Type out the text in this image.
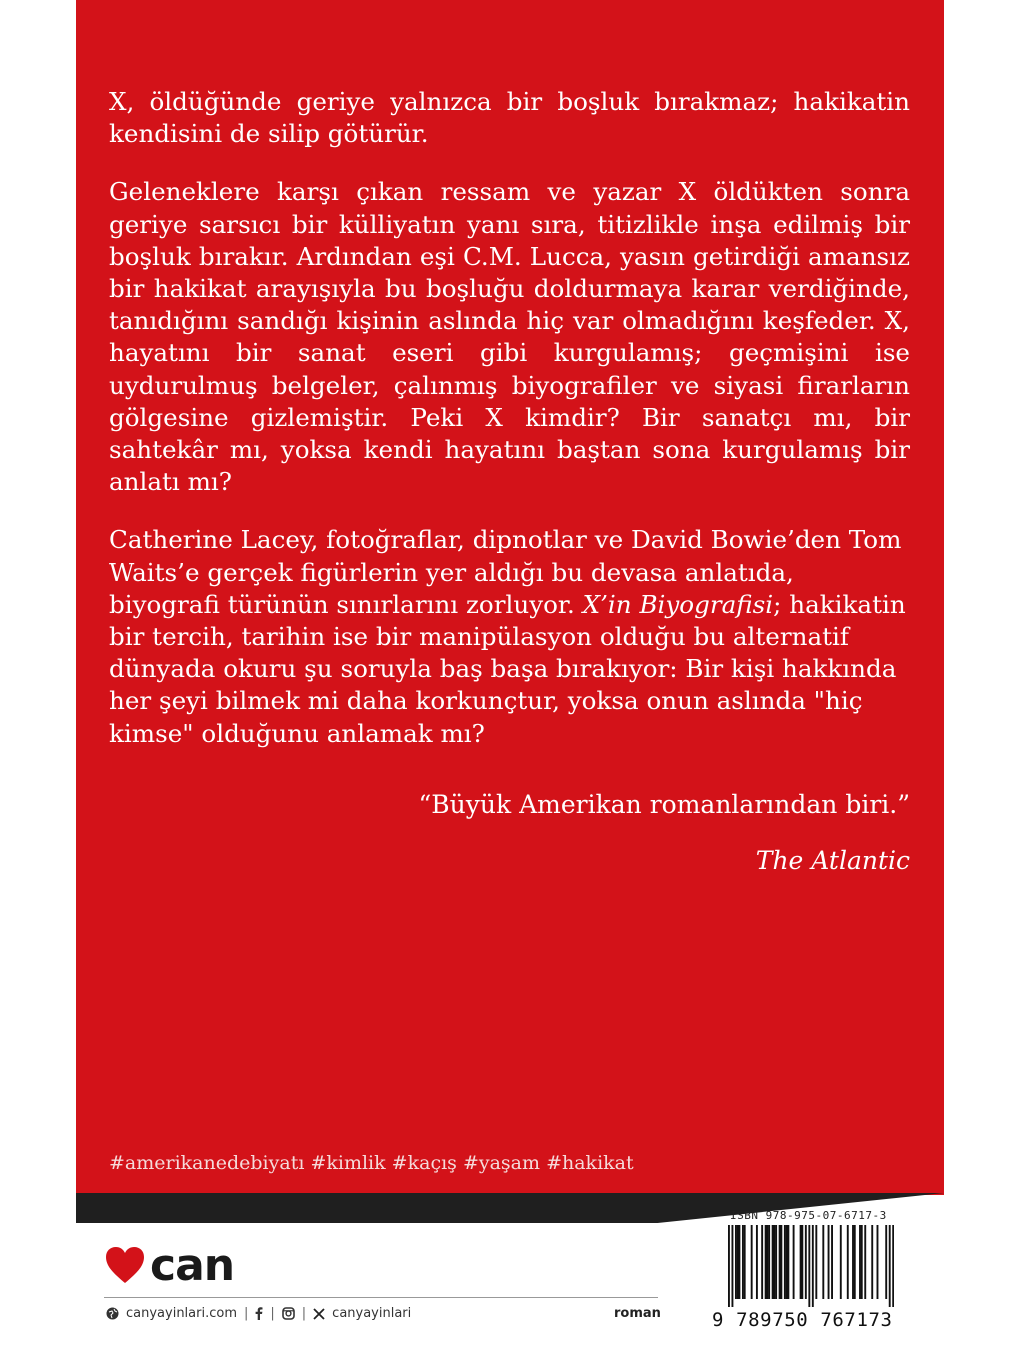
X, öldüğünde geriye yalnızca bir boşluk bırakmaz; hakikatin kendisini de silip götürür.

Geleneklere karşı çıkan ressam ve yazar X öldükten sonra geriye sarsıcı bir külliyatın yanı sıra, titizlikle inşa edilmiş bir boşluk bırakır. Ardından eşi C.M. Lucca, yasın getirdiği amansız bir hakikat arayışıyla bu boşluğu doldurmaya karar verdiğinde, tanıdığını sandığı kişinin aslında hiç var olmadığını keşfeder. X, hayatını bir sanat eseri gibi kurgulamış; geçmişini ise uydurulmuş belgeler, çalınmış biyografiler ve siyasi firarların gölgesine gizlemiştir. Peki X kimdir? Bir sanatçı mı, bir sahtekâr mı, yoksa kendi hayatını baştan sona kurgulamış bir anlatı mı?

Catherine Lacey, fotoğraflar, dipnotlar ve David Bowie’den Tom Waits’e gerçek figürlerin yer aldığı bu devasa anlatıda, biyografi türünün sınırlarını zorluyor. X’in Biyografisi; hakikatin bir tercih, tarihin ise bir manipülasyon olduğu bu alternatif dünyada okuru şu soruyla baş başa bırakıyor: Bir kişi hakkında her şeyi bilmek mi daha korkunçtur, yoksa onun aslında "hiç kimse" olduğunu anlamak mı?

“Büyük Amerikan romanlarından biri.”
The Atlantic
#amerikanedebiyatı #kimlik #kaçış #yaşam #hakikat
can
canyayinlari.com | | | canyayinlari	roman
ISBN 978-975-07-6717-3
9 789750 767173
